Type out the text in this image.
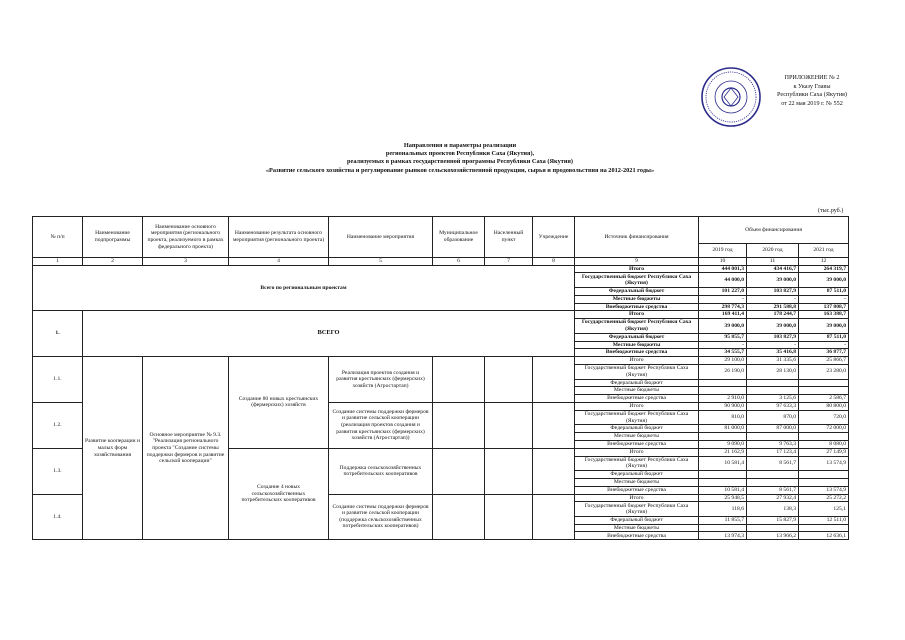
ПРИЛОЖЕНИЕ № 2
к Указу Главы
Республики Саха (Якутия)
от 22 мая 2019 г. № 552
Направления и параметры реализации
региональных проектов Республики Саха (Якутия),
реализуемых в рамках государственной программы Республики Саха (Якутия)
«Развитие сельского хозяйства и регулирование рынков сельскохозяйственной продукции, сырья и продовольствия на 2012-2021 годы»
(тыс.руб.)
№ п/п	Наименование подпрограммы	Наименование основного мероприятия (регионального проекта, реализуемого в рамках федерального проекта)	Наименование результата основного мероприятия (регионального проекта)	Наименование мероприятия	Муниципальное образование	Населенный пункт	Учреждение	Источник финансирования	Объем финансирования		
									2019 год	2020 год	2021 год
1	2	3	4	5	6	7	8	9	10	11	12
Всего по региональным проектам								Итого	444 001,3	434 416,7	264 319,7
								Государственный бюджет Республики Саха (Якутия)	44 000,0	39 000,0	39 000,0
								Федеральный бюджет	101 227,0	103 827,9	87 511,0
								Местные бюджеты	-	-	-
								Внебюджетные средства	298 774,3	291 588,8	137 808,7
1.	ВСЕГО							Итого	169 411,4	178 244,7	163 388,7
								Государственный бюджет Республики Саха (Якутия)	39 000,0	39 000,0	39 000,0
								Федеральный бюджет	95 855,7	103 827,9	87 511,0
								Местные бюджеты	-	-	-
								Внебюджетные средства	34 555,7	35 416,8	36 877,7
1.1.	Развитие кооперации и малых форм хозяйствования	Основное мероприятие № 9.3. "Реализация регионального проекта "Создание системы поддержки фермеров и развитие сельской кооперации"	Создание 80 новых крестьянских (фермерских) хозяйств	Реализация проектов создания и развития крестьянских (фермерских) хозяйств (Агростартап)				Итого	29 100,0	31 335,6	25 866,7
								Государственный бюджет Республики Саха (Якутия)	26 190,0	28 130,0	23 280,0
								Федеральный бюджет			
								Местные бюджеты			
								Внебюджетные средства	2 910,0	3 125,6	2 586,7
1.2.				Создание системы поддержки фермеров и развитие сельской кооперации (реализация проектов создания и развития крестьянских (фермерских) хозяйств (Агростартап))				Итого	90 900,0	97 633,3	80 800,0
								Государственный бюджет Республики Саха (Якутия)	810,0	870,0	720,0
								Федеральный бюджет	81 000,0	87 000,0	72 000,0
								Местные бюджеты			
								Внебюджетные средства	9 090,0	9 763,3	8 080,0
1.3.			Создание 4 новых сельскохозяйственных потребительских кооперативов	Поддержка сельскохозяйственных потребительских кооперативов				Итого	21 162,9	17 123,4	27 149,9
								Государственный бюджет Республики Саха (Якутия)	10 581,4	8 561,7	13 574,9
								Федеральный бюджет			
								Местные бюджеты			
								Внебюджетные средства	10 581,4	8 561,7	13 574,9
1.4.				Создание системы поддержки фермеров и развитие сельской кооперации (поддержка сельскохозяйственных потребительских кооперативов)				Итого	25 948,5	27 932,4	25 272,2
								Государственный бюджет Республики Саха (Якутия)	118,6	138,3	125,1
								Федеральный бюджет	11 855,7	15 827,9	12 511,0
								Местные бюджеты			
								Внебюджетные средства	13 974,3	13 966,2	12 636,1
